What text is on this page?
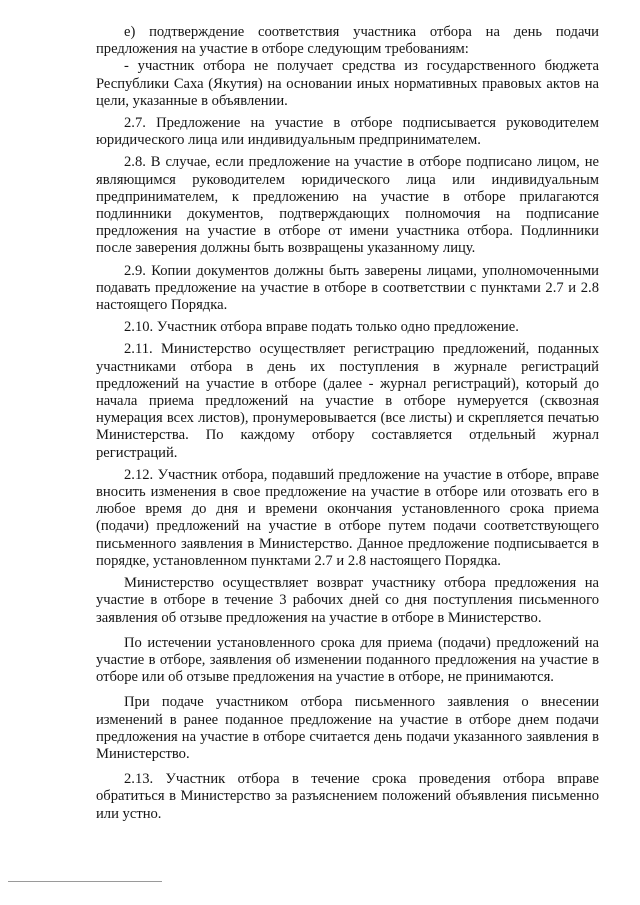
е) подтверждение соответствия участника отбора на день подачи предложения на участие в отборе следующим требованиям:

- участник отбора не получает средства из государственного бюджета Республики Саха (Якутия) на основании иных нормативных правовых актов на цели, указанные в объявлении.

2.7. Предложение на участие в отборе подписывается руководителем юридического лица или индивидуальным предпринимателем.

2.8. В случае, если предложение на участие в отборе подписано лицом, не являющимся руководителем юридического лица или индивидуальным предпринимателем, к предложению на участие в отборе прилагаются подлинники документов, подтверждающих полномочия на подписание предложения на участие в отборе от имени участника отбора. Подлинники после заверения должны быть возвращены указанному лицу.

2.9. Копии документов должны быть заверены лицами, уполномоченными подавать предложение на участие в отборе в соответствии с пунктами 2.7 и 2.8 настоящего Порядка.

2.10. Участник отбора вправе подать только одно предложение.

2.11. Министерство осуществляет регистрацию предложений, поданных участниками отбора в день их поступления в журнале регистраций предложений на участие в отборе (далее - журнал регистраций), который до начала приема предложений на участие в отборе нумеруется (сквозная нумерация всех листов), пронумеровывается (все листы) и скрепляется печатью Министерства. По каждому отбору составляется отдельный журнал регистраций.

2.12. Участник отбора, подавший предложение на участие в отборе, вправе вносить изменения в свое предложение на участие в отборе или отозвать его в любое время до дня и времени окончания установленного срока приема (подачи) предложений на участие в отборе путем подачи соответствующего письменного заявления в Министерство. Данное предложение подписывается в порядке, установленном пунктами 2.7 и 2.8 настоящего Порядка.

Министерство осуществляет возврат участнику отбора предложения на участие в отборе в течение 3 рабочих дней со дня поступления письменного заявления об отзыве предложения на участие в отборе в Министерство.

По истечении установленного срока для приема (подачи) предложений на участие в отборе, заявления об изменении поданного предложения на участие в отборе или об отзыве предложения на участие в отборе, не принимаются.

При подаче участником отбора письменного заявления о внесении изменений в ранее поданное предложение на участие в отборе днем подачи предложения на участие в отборе считается день подачи указанного заявления в Министерство.

2.13. Участник отбора в течение срока проведения отбора вправе обратиться в Министерство за разъяснением положений объявления письменно или устно.
